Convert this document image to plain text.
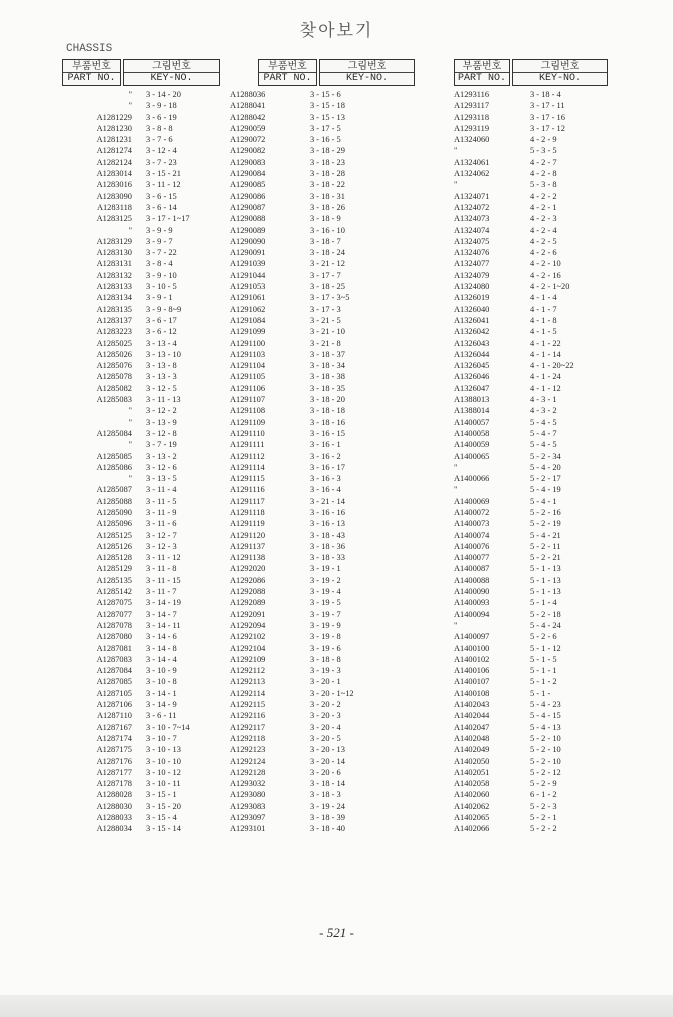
찾아보기
CHASSIS
부품번호
PART NO.
그림번호
KEY-NO.
"	3 - 14 - 20
"	3 - 9 - 18
A1281229	3 - 6 - 19
A1281230	3 - 8 - 8
A1281231	3 - 7 - 6
A1281274	3 - 12 - 4
A1282124	3 - 7 - 23
A1283014	3 - 15 - 21
A1283016	3 - 11 - 12
A1283090	3 - 6 - 15
A1283118	3 - 6 - 14
A1283125	3 - 17 - 1~17
"	3 - 9 - 9
A1283129	3 - 9 - 7
A1283130	3 - 7 - 22
A1283131	3 - 8 - 4
A1283132	3 - 9 - 10
A1283133	3 - 10 - 5
A1283134	3 - 9 - 1
A1283135	3 - 9 - 8~9
A1283137	3 - 6 - 17
A1283223	3 - 6 - 12
A1285025	3 - 13 - 4
A1285026	3 - 13 - 10
A1285076	3 - 13 - 8
A1285078	3 - 13 - 3
A1285082	3 - 12 - 5
A1285083	3 - 11 - 13
"	3 - 12 - 2
"	3 - 13 - 9
A1285084	3 - 12 - 8
"	3 - 7 - 19
A1285085	3 - 13 - 2
A1285086	3 - 12 - 6
"	3 - 13 - 5
A1285087	3 - 11 - 4
A1285088	3 - 11 - 5
A1285090	3 - 11 - 9
A1285096	3 - 11 - 6
A1285125	3 - 12 - 7
A1285126	3 - 12 - 3
A1285128	3 - 11 - 12
A1285129	3 - 11 - 8
A1285135	3 - 11 - 15
A1285142	3 - 11 - 7
A1287075	3 - 14 - 19
A1287077	3 - 14 - 7
A1287078	3 - 14 - 11
A1287080	3 - 14 - 6
A1287081	3 - 14 - 8
A1287083	3 - 14 - 4
A1287084	3 - 10 - 9
A1287085	3 - 10 - 8
A1287105	3 - 14 - 1
A1287106	3 - 14 - 9
A1287110	3 - 6 - 11
A1287167	3 - 10 - 7~14
A1287174	3 - 10 - 7
A1287175	3 - 10 - 13
A1287176	3 - 10 - 10
A1287177	3 - 10 - 12
A1287178	3 - 10 - 11
A1288028	3 - 15 - 1
A1288030	3 - 15 - 20
A1288033	3 - 15 - 4
A1288034	3 - 15 - 14
부품번호
PART NO.
그림번호
KEY-NO.
A1288036	3 - 15 - 6
A1288041	3 - 15 - 18
A1288042	3 - 15 - 13
A1290059	3 - 17 - 5
A1290072	3 - 16 - 5
A1290082	3 - 18 - 29
A1290083	3 - 18 - 23
A1290084	3 - 18 - 28
A1290085	3 - 18 - 22
A1290086	3 - 18 - 31
A1290087	3 - 18 - 26
A1290088	3 - 18 - 9
A1290089	3 - 16 - 10
A1290090	3 - 18 - 7
A1290091	3 - 18 - 24
A1291039	3 - 21 - 12
A1291044	3 - 17 - 7
A1291053	3 - 18 - 25
A1291061	3 - 17 - 3~5
A1291062	3 - 17 - 3
A1291084	3 - 21 - 5
A1291099	3 - 21 - 10
A1291100	3 - 21 - 8
A1291103	3 - 18 - 37
A1291104	3 - 18 - 34
A1291105	3 - 18 - 38
A1291106	3 - 18 - 35
A1291107	3 - 18 - 20
A1291108	3 - 18 - 18
A1291109	3 - 18 - 16
A1291110	3 - 16 - 15
A1291111	3 - 16 - 1
A1291112	3 - 16 - 2
A1291114	3 - 16 - 17
A1291115	3 - 16 - 3
A1291116	3 - 16 - 4
A1291117	3 - 21 - 14
A1291118	3 - 16 - 16
A1291119	3 - 16 - 13
A1291120	3 - 18 - 43
A1291137	3 - 18 - 36
A1291138	3 - 18 - 33
A1292020	3 - 19 - 1
A1292086	3 - 19 - 2
A1292088	3 - 19 - 4
A1292089	3 - 19 - 5
A1292091	3 - 19 - 7
A1292094	3 - 19 - 9
A1292102	3 - 19 - 8
A1292104	3 - 19 - 6
A1292109	3 - 18 - 8
A1292112	3 - 19 - 3
A1292113	3 - 20 - 1
A1292114	3 - 20 - 1~12
A1292115	3 - 20 - 2
A1292116	3 - 20 - 3
A1292117	3 - 20 - 4
A1292118	3 - 20 - 5
A1292123	3 - 20 - 13
A1292124	3 - 20 - 14
A1292128	3 - 20 - 6
A1293032	3 - 18 - 14
A1293080	3 - 18 - 3
A1293083	3 - 19 - 24
A1293097	3 - 18 - 39
A1293101	3 - 18 - 40
부품번호
PART NO.
그림번호
KEY-NO.
A1293116	3 - 18 - 4
A1293117	3 - 17 - 11
A1293118	3 - 17 - 16
A1293119	3 - 17 - 12
A1324060	4 - 2 - 9
"	5 - 3 - 5
A1324061	4 - 2 - 7
A1324062	4 - 2 - 8
"	5 - 3 - 8
A1324071	4 - 2 - 2
A1324072	4 - 2 - 1
A1324073	4 - 2 - 3
A1324074	4 - 2 - 4
A1324075	4 - 2 - 5
A1324076	4 - 2 - 6
A1324077	4 - 2 - 10
A1324079	4 - 2 - 16
A1324080	4 - 2 - 1~20
A1326019	4 - 1 - 4
A1326040	4 - 1 - 7
A1326041	4 - 1 - 8
A1326042	4 - 1 - 5
A1326043	4 - 1 - 22
A1326044	4 - 1 - 14
A1326045	4 - 1 - 20~22
A1326046	4 - 1 - 24
A1326047	4 - 1 - 12
A1388013	4 - 3 - 1
A1388014	4 - 3 - 2
A1400057	5 - 4 - 5
A1400058	5 - 4 - 7
A1400059	5 - 4 - 5
A1400065	5 - 2 - 34
"	5 - 4 - 20
A1400066	5 - 2 - 17
"	5 - 4 - 19
A1400069	5 - 4 - 1
A1400072	5 - 2 - 16
A1400073	5 - 2 - 19
A1400074	5 - 4 - 21
A1400076	5 - 2 - 11
A1400077	5 - 2 - 21
A1400087	5 - 1 - 13
A1400088	5 - 1 - 13
A1400090	5 - 1 - 13
A1400093	5 - 1 - 4
A1400094	5 - 2 - 18
"	5 - 4 - 24
A1400097	5 - 2 - 6
A1400100	5 - 1 - 12
A1400102	5 - 1 - 5
A1400106	5 - 1 - 1
A1400107	5 - 1 - 2
A1400108	5 - 1 -
A1402043	5 - 4 - 23
A1402044	5 - 4 - 15
A1402047	5 - 4 - 13
A1402048	5 - 2 - 10
A1402049	5 - 2 - 10
A1402050	5 - 2 - 10
A1402051	5 - 2 - 12
A1402058	5 - 2 - 9
A1402060	6 - 1 - 2
A1402062	5 - 2 - 3
A1402065	5 - 2 - 1
A1402066	5 - 2 - 2
- 521 -
